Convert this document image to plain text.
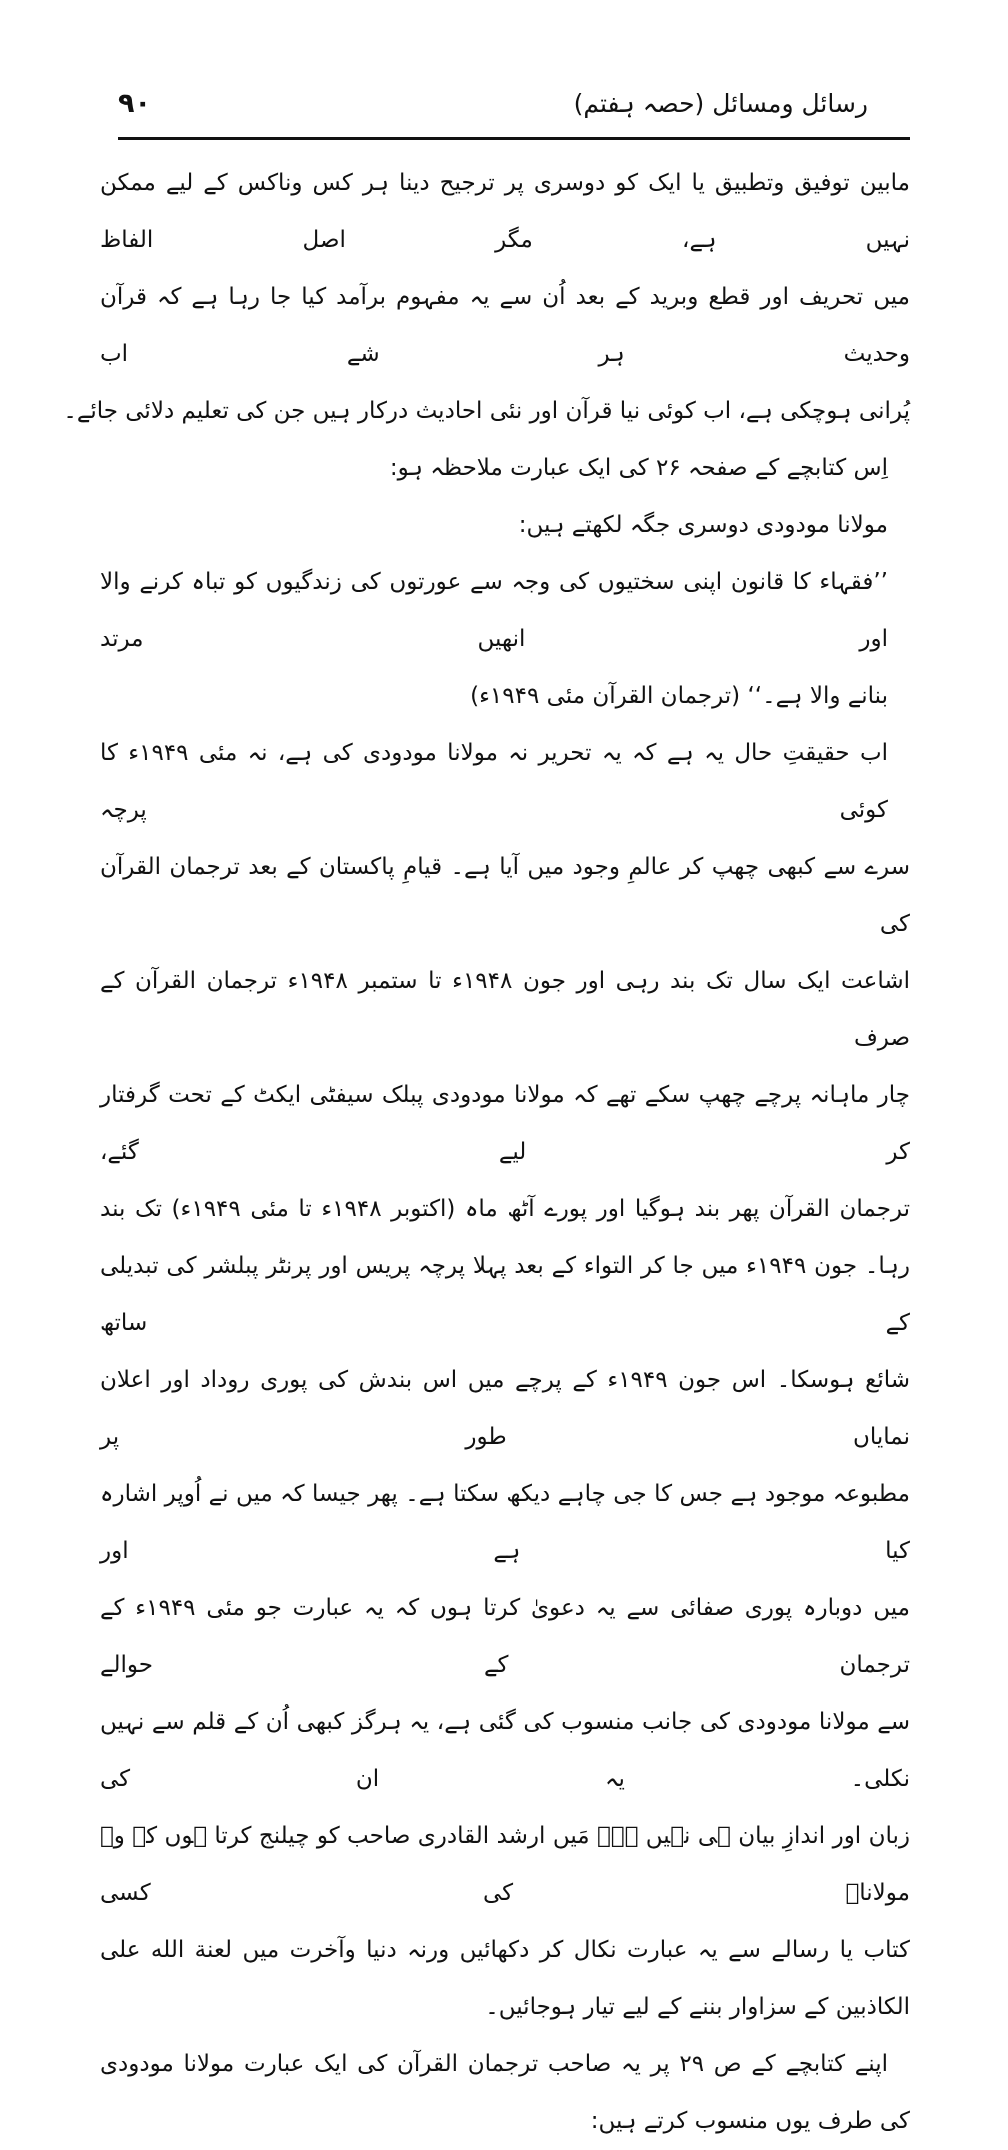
رسائل ومسائل (حصہ ہفتم)
۹۰

مابین توفیق وتطبیق یا ایک کو دوسری پر ترجیح دینا ہر کس وناکس کے لیے ممکن نہیں ہے، مگر اصل الفاظ
میں تحریف اور قطع وبرید کے بعد اُن سے یہ مفہوم برآمد کیا جا رہا ہے کہ قرآن وحدیث ہر شے اب
پُرانی ہوچکی ہے، اب کوئی نیا قرآن اور نئی احادیث درکار ہیں جن کی تعلیم دلائی جائے۔

اِس کتابچے کے صفحہ ۲۶ کی ایک عبارت ملاحظہ ہو:

مولانا مودودی دوسری جگہ لکھتے ہیں:

’’فقہاء کا قانون اپنی سختیوں کی وجہ سے عورتوں کی زندگیوں کو تباہ کرنے والا اور انھیں مرتد
بنانے والا ہے۔‘‘ (ترجمان القرآن مئی ۱۹۴۹ء)

اب حقیقتِ حال یہ ہے کہ یہ تحریر نہ مولانا مودودی کی ہے، نہ مئی ۱۹۴۹ء کا کوئی پرچہ

سرے سے کبھی چھپ کر عالمِ وجود میں آیا ہے۔ قیامِ پاکستان کے بعد ترجمان القرآن کی
اشاعت ایک سال تک بند رہی اور جون ۱۹۴۸ء تا ستمبر ۱۹۴۸ء ترجمان القرآن کے صرف
چار ماہانہ پرچے چھپ سکے تھے کہ مولانا مودودی پبلک سیفٹی ایکٹ کے تحت گرفتار کر لیے گئے،
ترجمان القرآن پھر بند ہوگیا اور پورے آٹھ ماہ (اکتوبر ۱۹۴۸ء تا مئی ۱۹۴۹ء) تک بند
رہا۔ جون ۱۹۴۹ء میں جا کر التواء کے بعد پہلا پرچہ پریس اور پرنٹر پبلشر کی تبدیلی کے ساتھ
شائع ہوسکا۔ اس جون ۱۹۴۹ء کے پرچے میں اس بندش کی پوری روداد اور اعلان نمایاں طور پر
مطبوعہ موجود ہے جس کا جی چاہے دیکھ سکتا ہے۔ پھر جیسا کہ میں نے اُوپر اشارہ کیا ہے اور
میں دوبارہ پوری صفائی سے یہ دعویٰ کرتا ہوں کہ یہ عبارت جو مئی ۱۹۴۹ء کے ترجمان کے حوالے
سے مولانا مودودی کی جانب منسوب کی گئی ہے، یہ ہرگز کبھی اُن کے قلم سے نہیں نکلی۔ یہ ان کی
زبان اور اندازِ بیان ہی نہیں ہے۔ مَیں ارشد القادری صاحب کو چیلنج کرتا ہوں کہ وہ مولاناؒ کی کسی
کتاب یا رسالے سے یہ عبارت نکال کر دکھائیں ورنہ دنیا وآخرت میں لعنة الله على
الكاذبين کے سزاوار بننے کے لیے تیار ہوجائیں۔

اپنے کتابچے کے ص ۲۹ پر یہ صاحب ترجمان القرآن کی ایک عبارت مولانا مودودی

کی طرف یوں منسوب کرتے ہیں:
